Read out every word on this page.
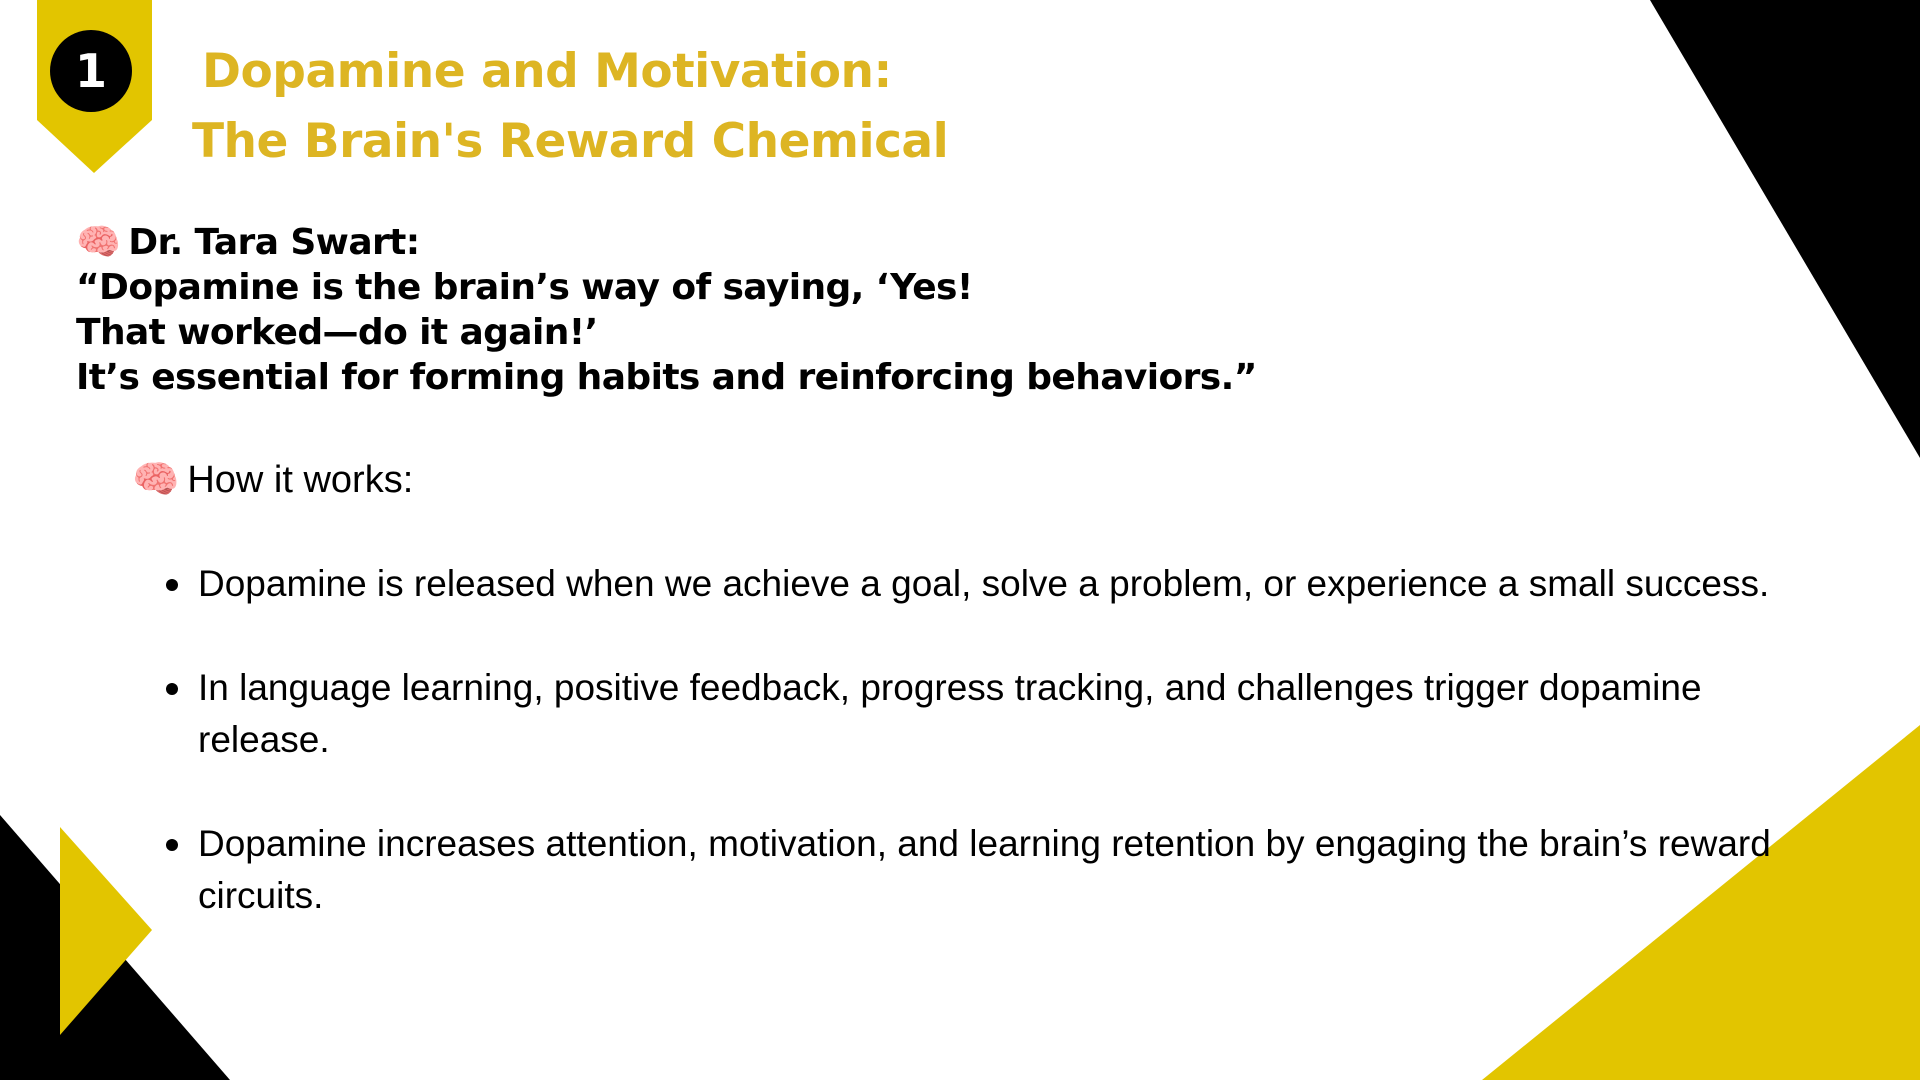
1	Dopamine and Motivation:
The Brain's Reward Chemical
🧠 Dr. Tara Swart:
“Dopamine is the brain’s way of saying, ‘Yes!
That worked—do it again!’
It’s essential for forming habits and reinforcing behaviors.”
🧠 How it works:
Dopamine is released when we achieve a goal, solve a problem, or experience a small success.
In language learning, positive feedback, progress tracking, and challenges trigger dopamine release.
Dopamine increases attention, motivation, and learning retention by engaging the brain’s reward circuits.
